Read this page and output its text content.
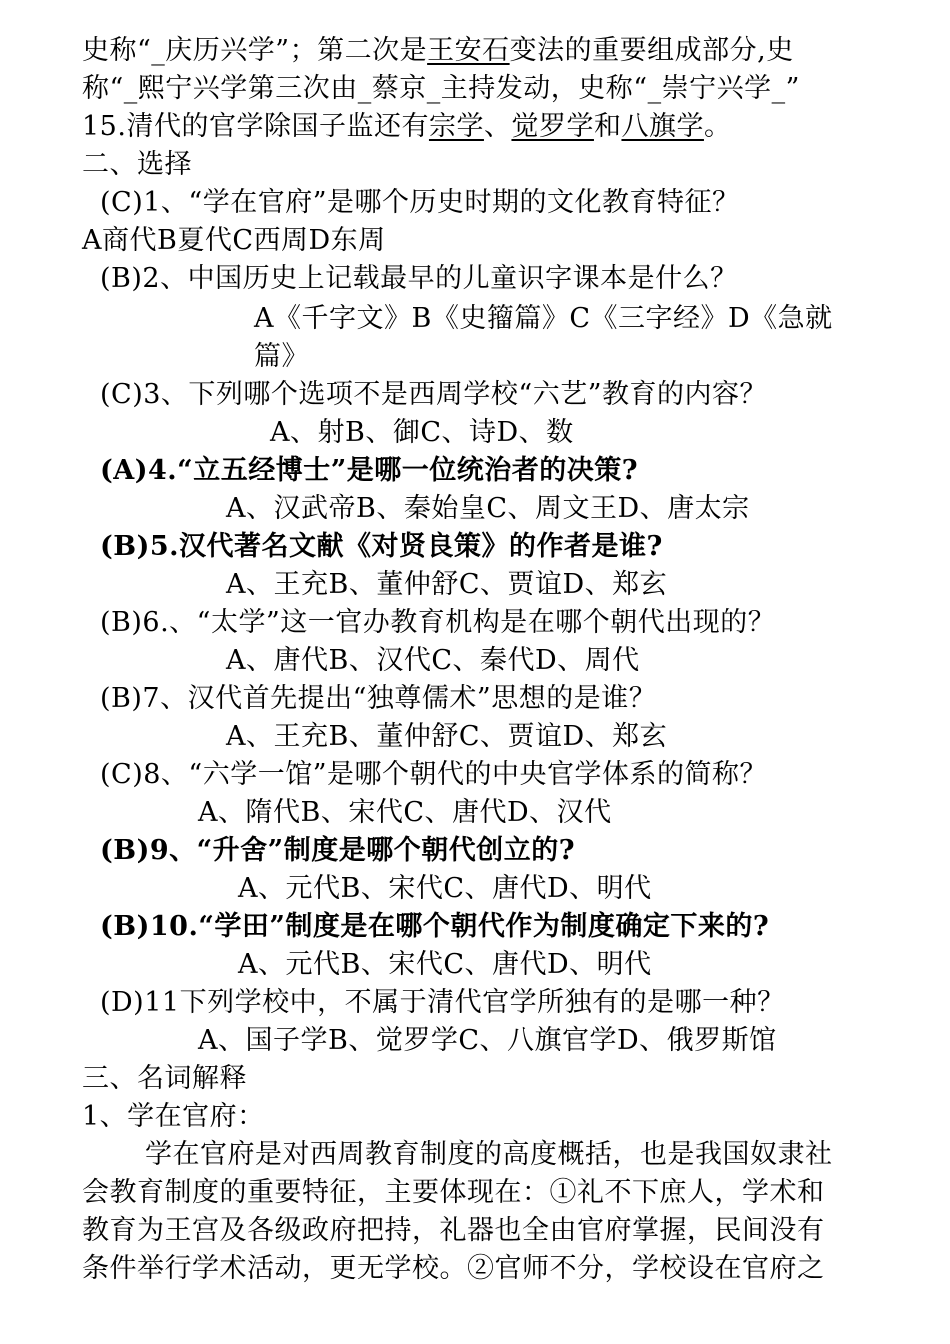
史称“_庆历兴学”；第二次是王安石变法的重要组成部分,史
称“_熙宁兴学第三次由_蔡京_主持发动，史称“_崇宁兴学_”
15.清代的官学除国子监还有宗学、觉罗学和八旗学。
二、选择
(C)1、“学在官府”是哪个历史时期的文化教育特征？
A商代B夏代C西周D东周
(B)2、中国历史上记载最早的儿童识字课本是什么？
A《千字文》B《史籀篇》C《三字经》D《急就
篇》
(C)3、下列哪个选项不是西周学校“六艺”教育的内容？
A、射B、御C、诗D、数
(A)4.“立五经博士”是哪一位统治者的决策?
A、汉武帝B、秦始皇C、周文王D、唐太宗
(B)5.汉代著名文献《对贤良策》的作者是谁?
A、王充B、董仲舒C、贾谊D、郑玄
(B)6.、“太学”这一官办教育机构是在哪个朝代出现的？
A、唐代B、汉代C、秦代D、周代
(B)7、汉代首先提出“独尊儒术”思想的是谁？
A、王充B、董仲舒C、贾谊D、郑玄
(C)8、“六学一馆”是哪个朝代的中央官学体系的简称？
A、隋代B、宋代C、唐代D、汉代
(B)9、“升舍”制度是哪个朝代创立的?
A、元代B、宋代C、唐代D、明代
(B)10.“学田”制度是在哪个朝代作为制度确定下来的?
A、元代B、宋代C、唐代D、明代
(D)11下列学校中，不属于清代官学所独有的是哪一种？
A、国子学B、觉罗学C、八旗官学D、俄罗斯馆
三、名词解释
1、学在官府：
学在官府是对西周教育制度的高度概括，也是我国奴隶社
会教育制度的重要特征，主要体现在：①礼不下庶人，学术和
教育为王宫及各级政府把持，礼器也全由官府掌握，民间没有
条件举行学术活动，更无学校。②官师不分，学校设在官府之
